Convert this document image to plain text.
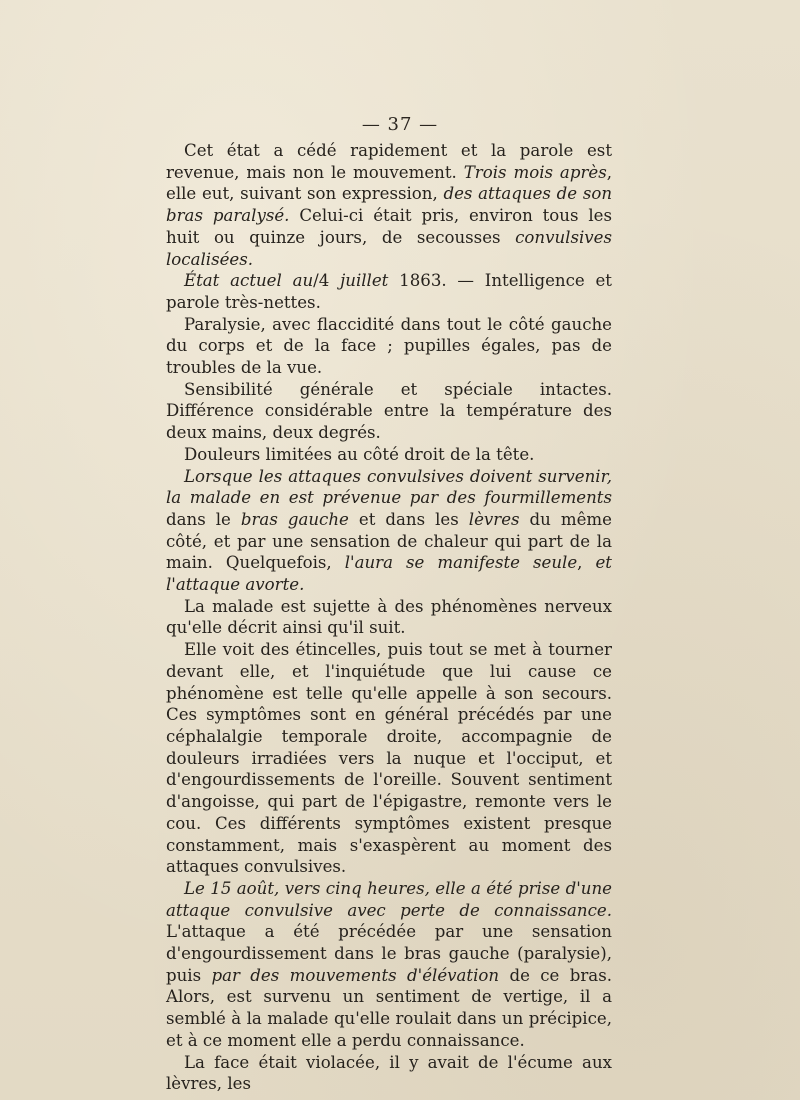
— 37 —

Cet état a cédé rapidement et la parole est revenue, mais non le mouvement. Trois mois après, elle eut, suivant son expression, des attaques de son bras paralysé. Celui-ci était pris, environ tous les huit ou quinze jours, de secousses convulsives localisées.

État actuel au/4 juillet 1863. — Intelligence et parole très-nettes.

Paralysie, avec flaccidité dans tout le côté gauche du corps et de la face ; pupilles égales, pas de troubles de la vue.

Sensibilité générale et spéciale intactes. Différence considérable entre la température des deux mains, deux degrés.

Douleurs limitées au côté droit de la tête.

Lorsque les attaques convulsives doivent survenir, la malade en est prévenue par des fourmillements dans le bras gauche et dans les lèvres du même côté, et par une sensation de chaleur qui part de la main. Quelquefois, l'aura se manifeste seule, et l'attaque avorte.

La malade est sujette à des phénomènes nerveux qu'elle décrit ainsi qu'il suit.

Elle voit des étincelles, puis tout se met à tourner devant elle, et l'inquiétude que lui cause ce phénomène est telle qu'elle appelle à son secours. Ces symptômes sont en général précédés par une céphalalgie temporale droite, accompagnie de douleurs irradiées vers la nuque et l'occiput, et d'engourdissements de l'oreille. Souvent sentiment d'angoisse, qui part de l'épigastre, remonte vers le cou. Ces différents symptômes existent presque constamment, mais s'exaspèrent au moment des attaques convulsives.

Le 15 août, vers cinq heures, elle a été prise d'une attaque convulsive avec perte de connaissance. L'attaque a été précédée par une sensation d'engourdissement dans le bras gauche (paralysie), puis par des mouvements d'élévation de ce bras. Alors, est survenu un sentiment de vertige, il a semblé à la malade qu'elle roulait dans un précipice, et à ce moment elle a perdu connaissance.

La face était violacée, il y avait de l'écume aux lèvres, les
